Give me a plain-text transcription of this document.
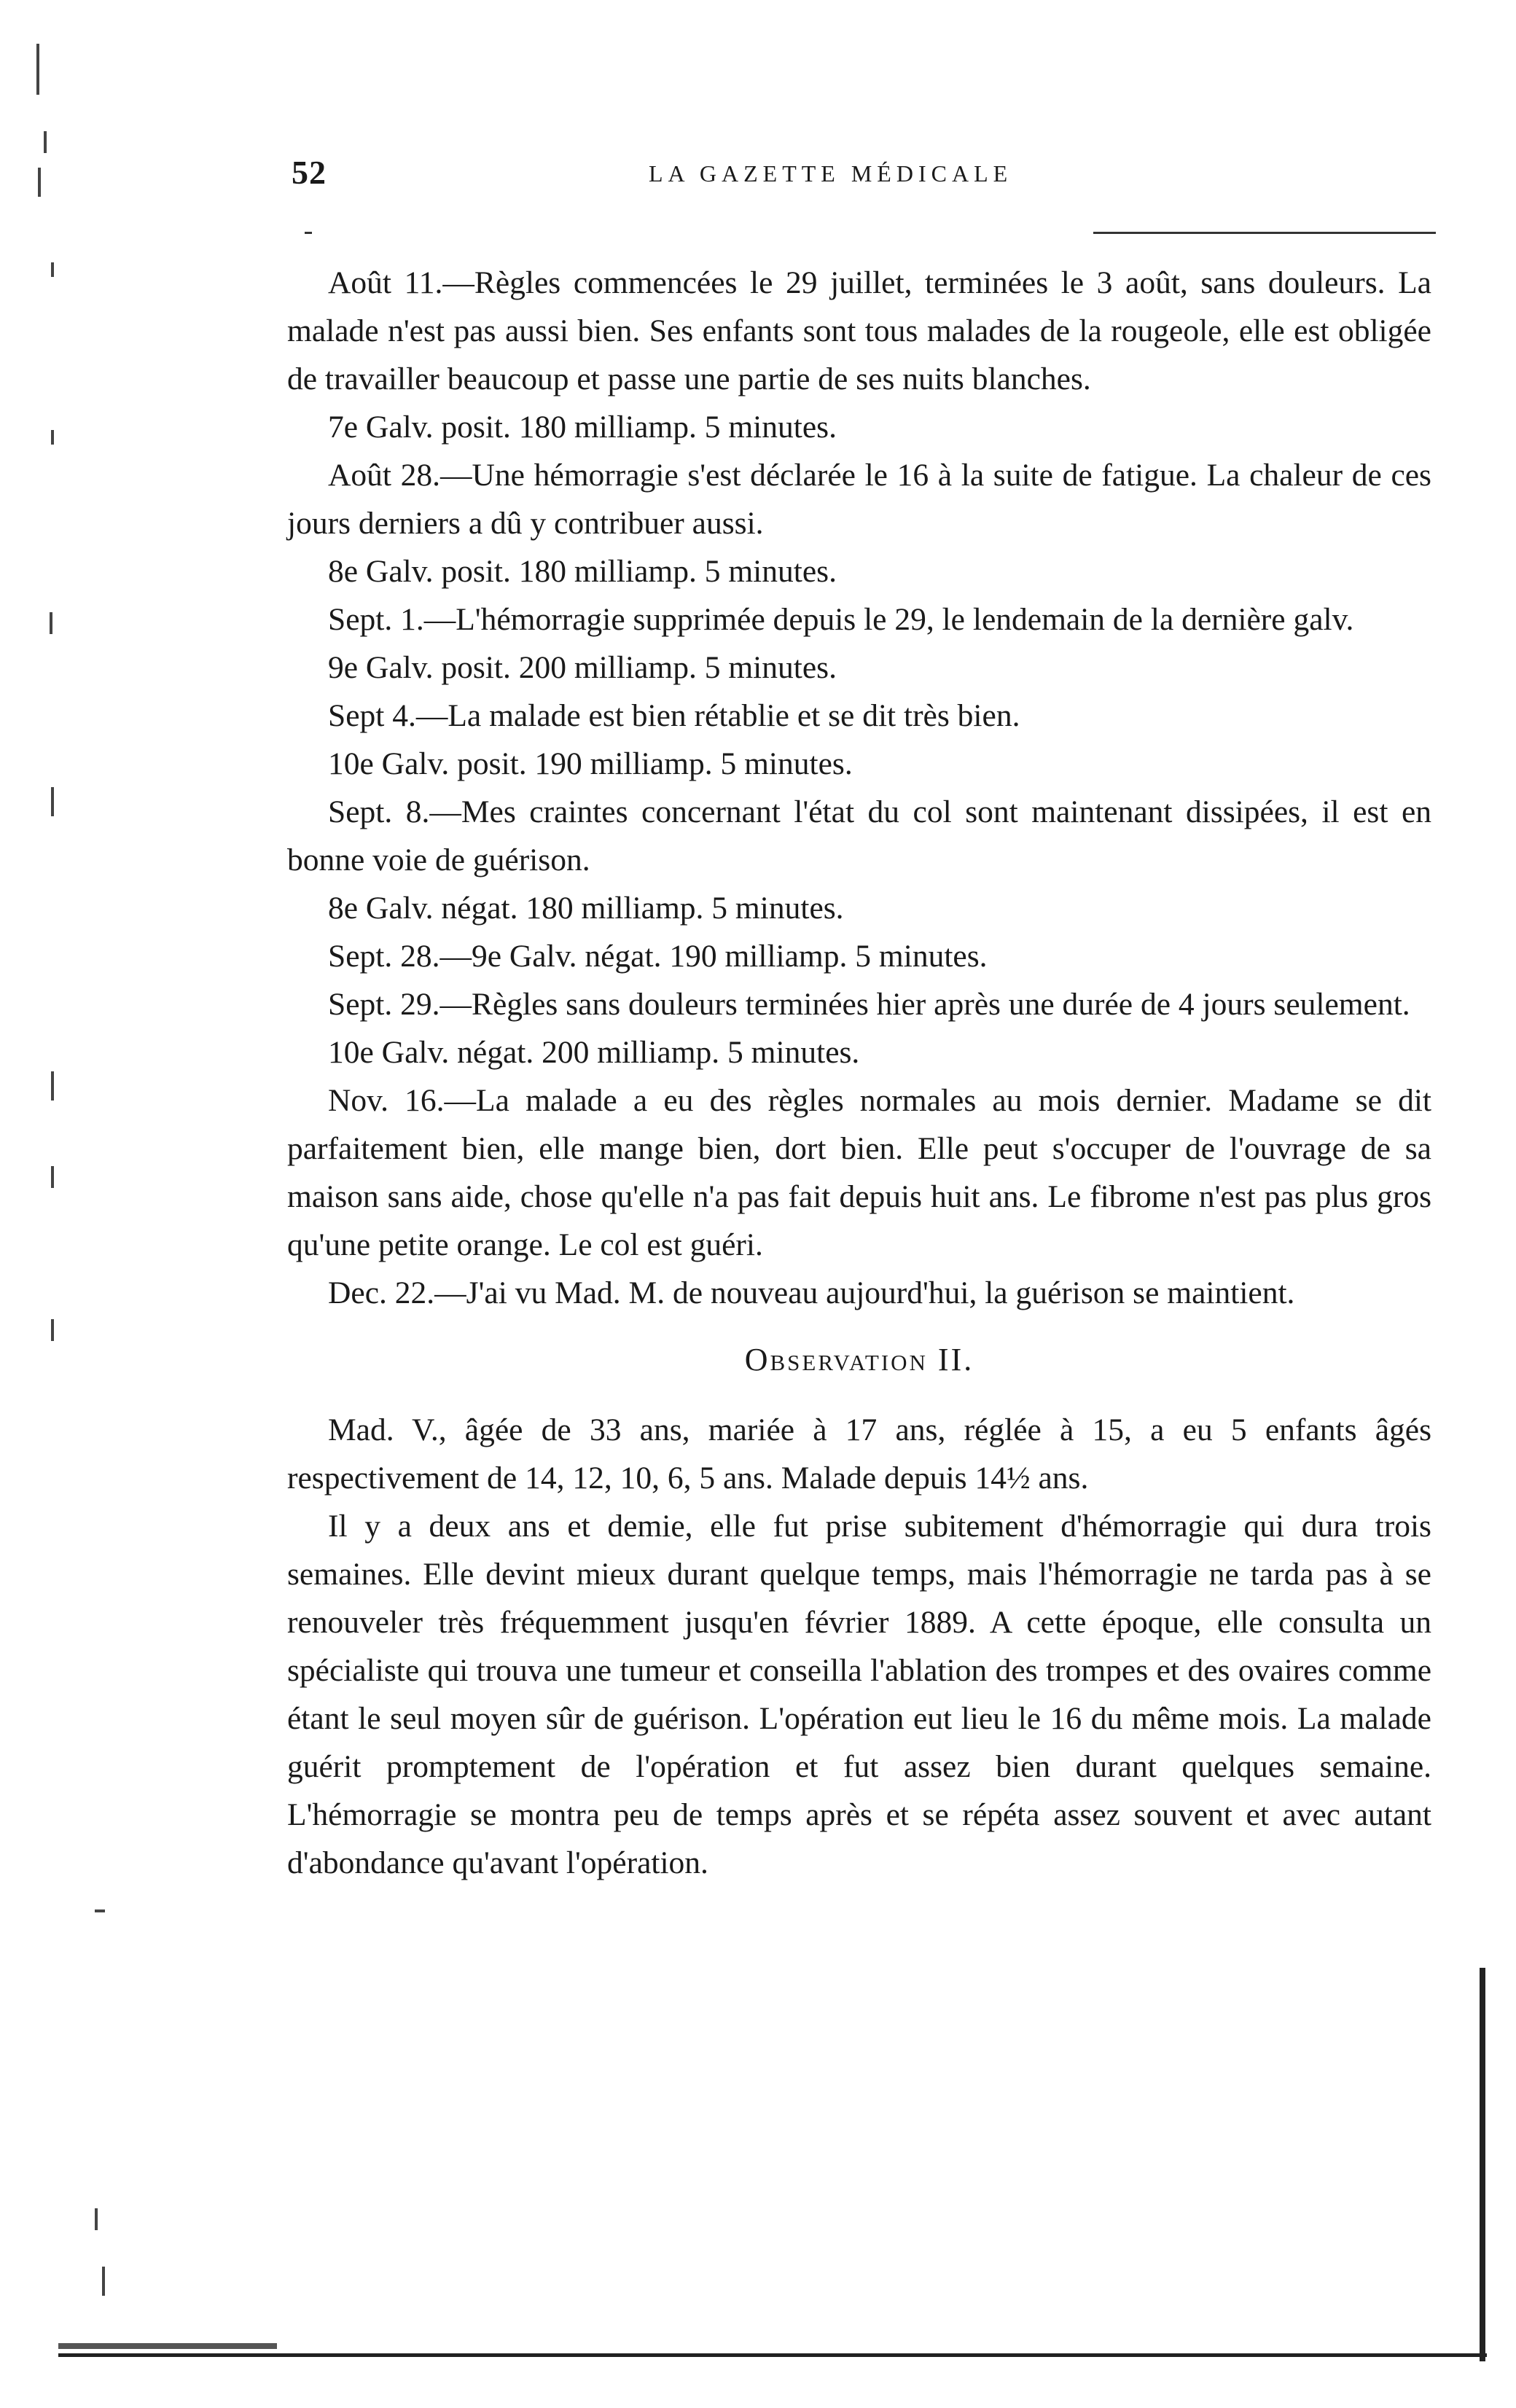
52	LA GAZETTE MÉDICALE

Août 11.—Règles commencées le 29 juillet, terminées le 3 août, sans douleurs. La malade n'est pas aussi bien. Ses enfants sont tous malades de la rougeole, elle est obligée de travailler beaucoup et passe une partie de ses nuits blanches.

7e Galv. posit. 180 milliamp. 5 minutes.

Août 28.—Une hémorragie s'est déclarée le 16 à la suite de fatigue. La chaleur de ces jours derniers a dû y contribuer aussi.

8e Galv. posit. 180 milliamp. 5 minutes.

Sept. 1.—L'hémorragie supprimée depuis le 29, le lendemain de la dernière galv.

9e Galv. posit. 200 milliamp. 5 minutes.

Sept 4.—La malade est bien rétablie et se dit très bien.

10e Galv. posit. 190 milliamp. 5 minutes.

Sept. 8.—Mes craintes concernant l'état du col sont maintenant dissipées, il est en bonne voie de guérison.

8e Galv. négat. 180 milliamp. 5 minutes.

Sept. 28.—9e Galv. négat. 190 milliamp. 5 minutes.

Sept. 29.—Règles sans douleurs terminées hier après une durée de 4 jours seulement.

10e Galv. négat. 200 milliamp. 5 minutes.

Nov. 16.—La malade a eu des règles normales au mois dernier. Madame se dit parfaitement bien, elle mange bien, dort bien. Elle peut s'occuper de l'ouvrage de sa maison sans aide, chose qu'elle n'a pas fait depuis huit ans. Le fibrome n'est pas plus gros qu'une petite orange. Le col est guéri.

Dec. 22.—J'ai vu Mad. M. de nouveau aujourd'hui, la guérison se maintient.

Observation II.

Mad. V., âgée de 33 ans, mariée à 17 ans, réglée à 15, a eu 5 enfants âgés respectivement de 14, 12, 10, 6, 5 ans. Malade depuis 14½ ans.

Il y a deux ans et demie, elle fut prise subitement d'hémorragie qui dura trois semaines. Elle devint mieux durant quelque temps, mais l'hémorragie ne tarda pas à se renouveler très fréquemment jusqu'en février 1889. A cette époque, elle consulta un spécialiste qui trouva une tumeur et conseilla l'ablation des trompes et des ovaires comme étant le seul moyen sûr de guérison. L'opération eut lieu le 16 du même mois. La malade guérit promptement de l'opération et fut assez bien durant quelques semaine. L'hémorragie se montra peu de temps après et se répéta assez souvent et avec autant d'abondance qu'avant l'opération.
